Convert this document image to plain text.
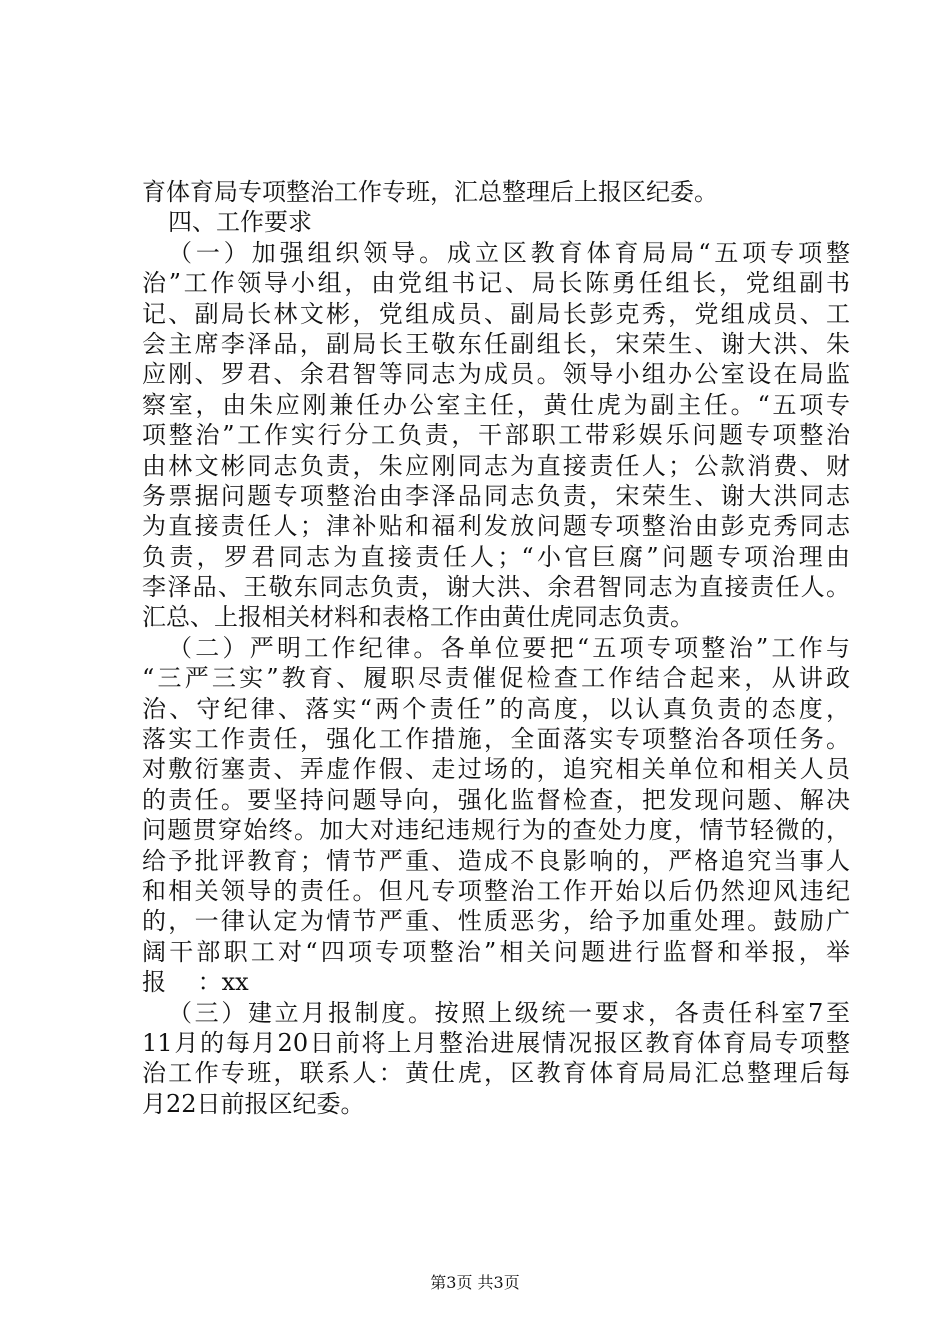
育体育局专项整治工作专班，汇总整理后上报区纪委。
四、工作要求
（一）加强组织领导。成立区教育体育局局“五项专项整
治”工作领导小组，由党组书记、局长陈勇任组长，党组副书
记、副局长林文彬，党组成员、副局长彭克秀，党组成员、工
会主席李泽品，副局长王敬东任副组长，宋荣生、谢大洪、朱
应刚、罗君、余君智等同志为成员。领导小组办公室设在局监
察室，由朱应刚兼任办公室主任，黄仕虎为副主任。“五项专
项整治”工作实行分工负责，干部职工带彩娱乐问题专项整治
由林文彬同志负责，朱应刚同志为直接责任人；公款消费、财
务票据问题专项整治由李泽品同志负责，宋荣生、谢大洪同志
为直接责任人；津补贴和福利发放问题专项整治由彭克秀同志
负责，罗君同志为直接责任人；“小官巨腐”问题专项治理由
李泽品、王敬东同志负责，谢大洪、余君智同志为直接责任人。
汇总、上报相关材料和表格工作由黄仕虎同志负责。
（二）严明工作纪律。各单位要把“五项专项整治”工作与
“三严三实”教育、履职尽责催促检查工作结合起来，从讲政
治、守纪律、落实“两个责任”的高度，以认真负责的态度，
落实工作责任，强化工作措施，全面落实专项整治各项任务。
对敷衍塞责、弄虚作假、走过场的，追究相关单位和相关人员
的责任。要坚持问题导向，强化监督检查，把发现问题、解决
问题贯穿始终。加大对违纪违规行为的查处力度，情节轻微的，
给予批评教育；情节严重、造成不良影响的，严格追究当事人
和相关领导的责任。但凡专项整治工作开始以后仍然迎风违纪
的，一律认定为情节严重、性质恶劣，给予加重处理。鼓励广
阔干部职工对“四项专项整治”相关问题进行监督和举报，举
报　 ：xx
（三）建立月报制度。按照上级统一要求，各责任科室7至
11月的每月20日前将上月整治进展情况报区教育体育局专项整
治工作专班，联系人：黄仕虎，区教育体育局局汇总整理后每
月22日前报区纪委。
第3页 共3页
